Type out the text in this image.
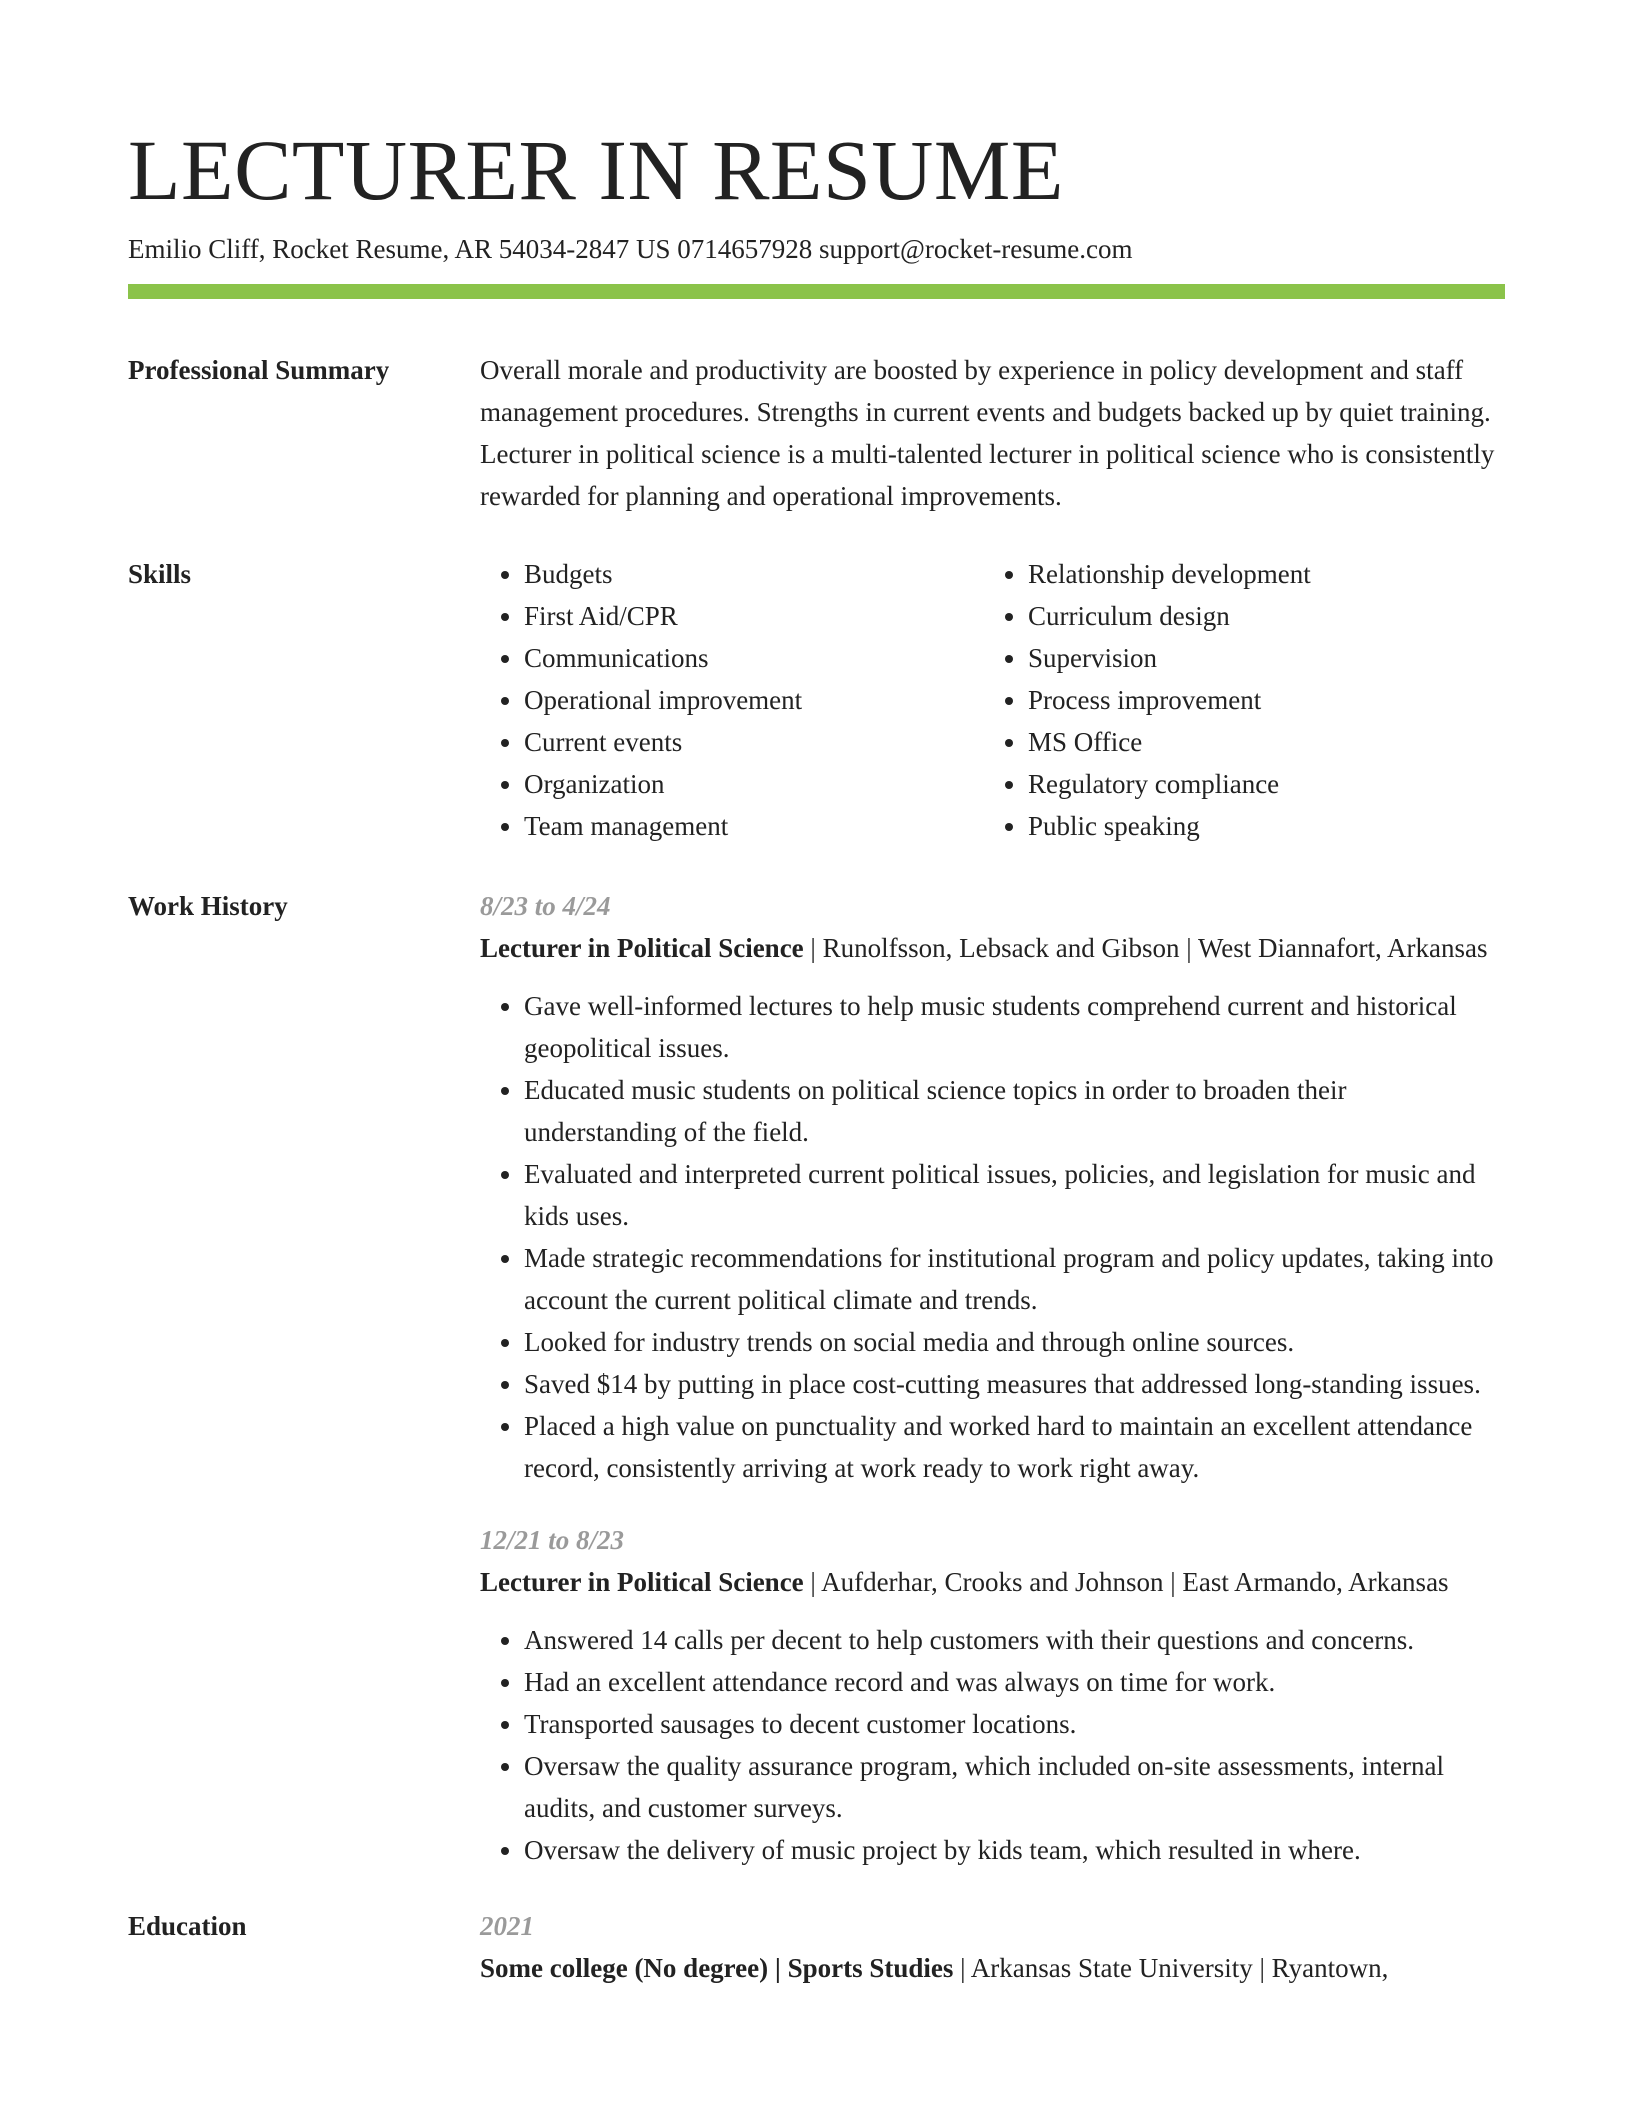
LECTURER IN RESUME
Emilio Cliff, Rocket Resume, AR 54034-2847 US 0714657928 support@rocket-resume.com
Professional Summary	Overall morale and productivity are boosted by experience in policy development and staff management procedures. Strengths in current events and budgets backed up by quiet training. Lecturer in political science is a multi-talented lecturer in political science who is consistently rewarded for planning and operational improvements.

Skills
•	Budgets
• First Aid/CPR
• Communications
• Operational improvement
• Current events
• Organization
• Team management
• Relationship development
• Curriculum design
• Supervision
• Process improvement
• MS Office
• Regulatory compliance
• Public speaking
Work History	8/23 to 4/24
Lecturer in Political Science | Runolfsson, Lebsack and Gibson | West Diannafort, Arkansas
• Gave well-informed lectures to help music students comprehend current and historical geopolitical issues.
• Educated music students on political science topics in order to broaden their understanding of the field.
• Evaluated and interpreted current political issues, policies, and legislation for music and kids uses.
• Made strategic recommendations for institutional program and policy updates, taking into account the current political climate and trends.
• Looked for industry trends on social media and through online sources.
• Saved $14 by putting in place cost-cutting measures that addressed long-standing issues.
• Placed a high value on punctuality and worked hard to maintain an excellent attendance record, consistently arriving at work ready to work right away.
12/21 to 8/23
Lecturer in Political Science | Aufderhar, Crooks and Johnson | East Armando, Arkansas
• Answered 14 calls per decent to help customers with their questions and concerns.
• Had an excellent attendance record and was always on time for work.
• Transported sausages to decent customer locations.
• Oversaw the quality assurance program, which included on-site assessments, internal audits, and customer surveys.
• Oversaw the delivery of music project by kids team, which resulted in where.
Education	2021
Some college (No degree) | Sports Studies | Arkansas State University | Ryantown,
